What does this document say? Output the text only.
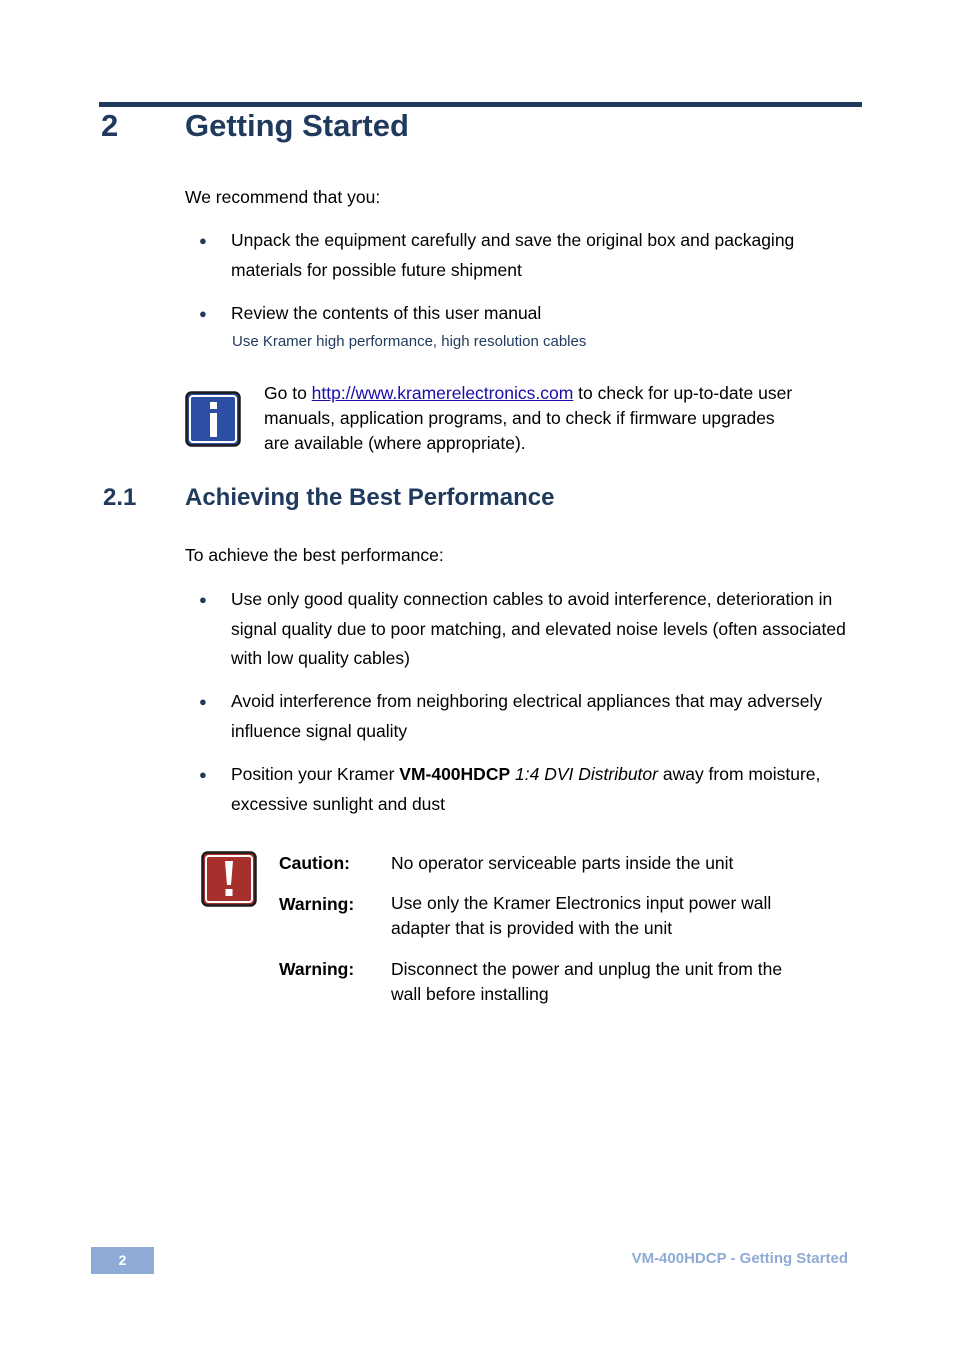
2 Getting Started
We recommend that you:
● Unpack the equipment carefully and save the original box and packaging materials for possible future shipment
● Review the contents of this user manual
Use Kramer high performance, high resolution cables
Go to http://www.kramerelectronics.com to check for up-to-date user manuals, application programs, and to check if firmware upgrades are available (where appropriate).
2.1 Achieving the Best Performance
To achieve the best performance:
● Use only good quality connection cables to avoid interference, deterioration in signal quality due to poor matching, and elevated noise levels (often associated with low quality cables)
● Avoid interference from neighboring electrical appliances that may adversely influence signal quality
● Position your Kramer VM-400HDCP 1:4 DVI Distributor away from moisture, excessive sunlight and dust
Caution: No operator serviceable parts inside the unit
Warning: Use only the Kramer Electronics input power wall adapter that is provided with the unit
Warning: Disconnect the power and unplug the unit from the wall before installing
2	VM-400HDCP - Getting Started
